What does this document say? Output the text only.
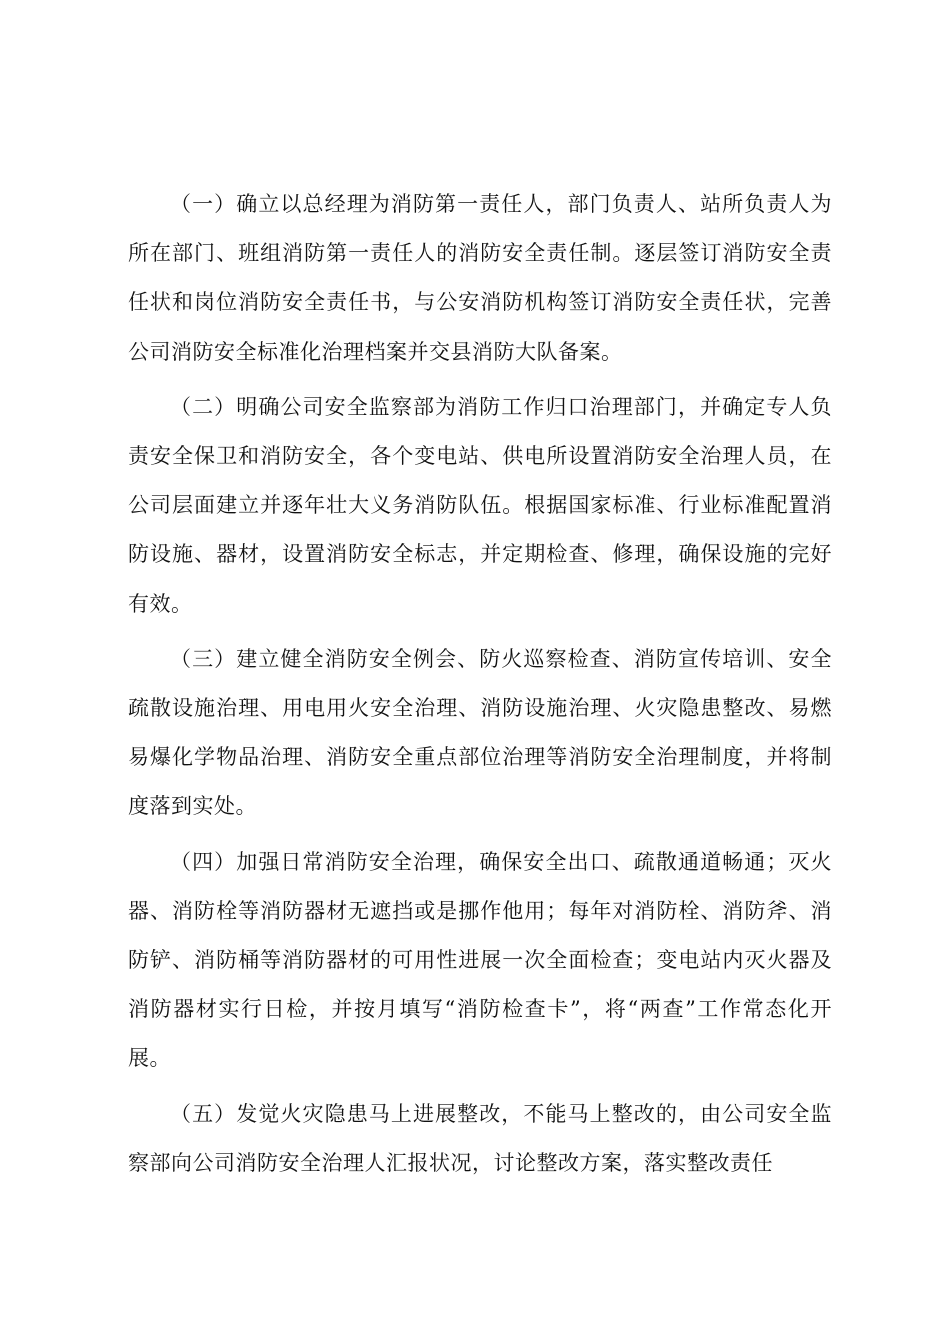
（一）确立以总经理为消防第一责任人，部门负责人、站所负责人为所在部门、班组消防第一责任人的消防安全责任制。逐层签订消防安全责任状和岗位消防安全责任书，与公安消防机构签订消防安全责任状，完善公司消防安全标准化治理档案并交县消防大队备案。

（二）明确公司安全监察部为消防工作归口治理部门，并确定专人负责安全保卫和消防安全，各个变电站、供电所设置消防安全治理人员，在公司层面建立并逐年壮大义务消防队伍。根据国家标准、行业标准配置消防设施、器材，设置消防安全标志，并定期检查、修理，确保设施的完好有效。

（三）建立健全消防安全例会、防火巡察检查、消防宣传培训、安全疏散设施治理、用电用火安全治理、消防设施治理、火灾隐患整改、易燃易爆化学物品治理、消防安全重点部位治理等消防安全治理制度，并将制度落到实处。

（四）加强日常消防安全治理，确保安全出口、疏散通道畅通；灭火器、消防栓等消防器材无遮挡或是挪作他用；每年对消防栓、消防斧、消防铲、消防桶等消防器材的可用性进展一次全面检查；变电站内灭火器及消防器材实行日检，并按月填写“消防检查卡”，将“两查”工作常态化开展。

（五）发觉火灾隐患马上进展整改，不能马上整改的，由公司安全监察部向公司消防安全治理人汇报状况，讨论整改方案，落实整改责任
